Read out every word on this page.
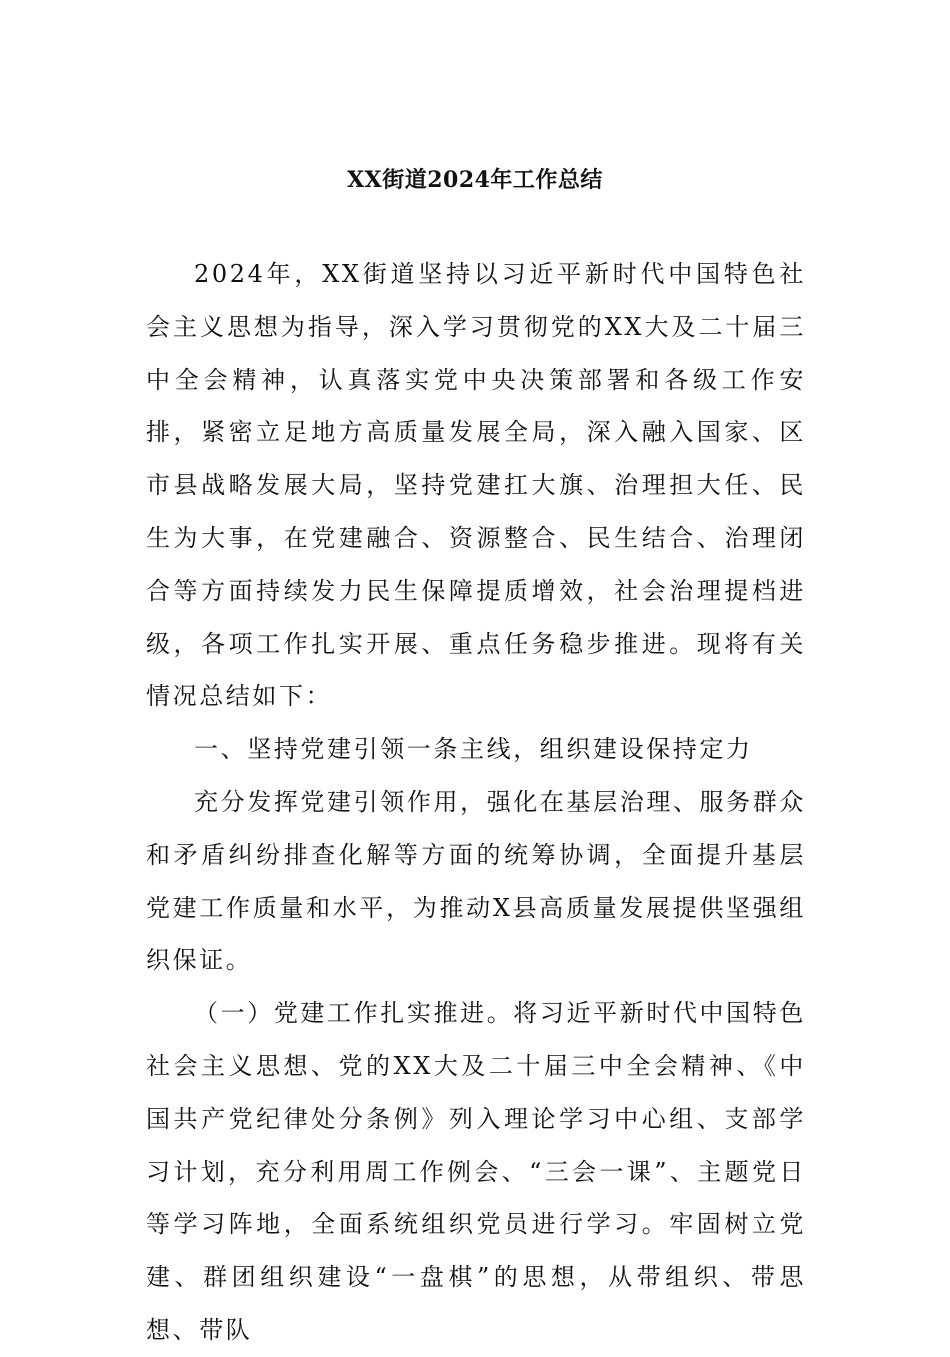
XX街道2024年工作总结

2024年，XX街道坚持以习近平新时代中国特色社会主义思想为指导，深入学习贯彻党的XX大及二十届三中全会精神，认真落实党中央决策部署和各级工作安排，紧密立足地方高质量发展全局，深入融入国家、区市县战略发展大局，坚持党建扛大旗、治理担大任、民生为大事，在党建融合、资源整合、民生结合、治理闭合等方面持续发力民生保障提质增效，社会治理提档进级，各项工作扎实开展、重点任务稳步推进。现将有关情况总结如下：

一、坚持党建引领一条主线，组织建设保持定力

充分发挥党建引领作用，强化在基层治理、服务群众和矛盾纠纷排查化解等方面的统筹协调，全面提升基层党建工作质量和水平，为推动X县高质量发展提供坚强组织保证。

（一）党建工作扎实推进。将习近平新时代中国特色社会主义思想、党的XX大及二十届三中全会精神、《中国共产党纪律处分条例》列入理论学习中心组、支部学习计划，充分利用周工作例会、“三会一课”、主题党日等学习阵地，全面系统组织党员进行学习。牢固树立党建、群团组织建设“一盘棋”的思想，从带组织、带思想、带队
